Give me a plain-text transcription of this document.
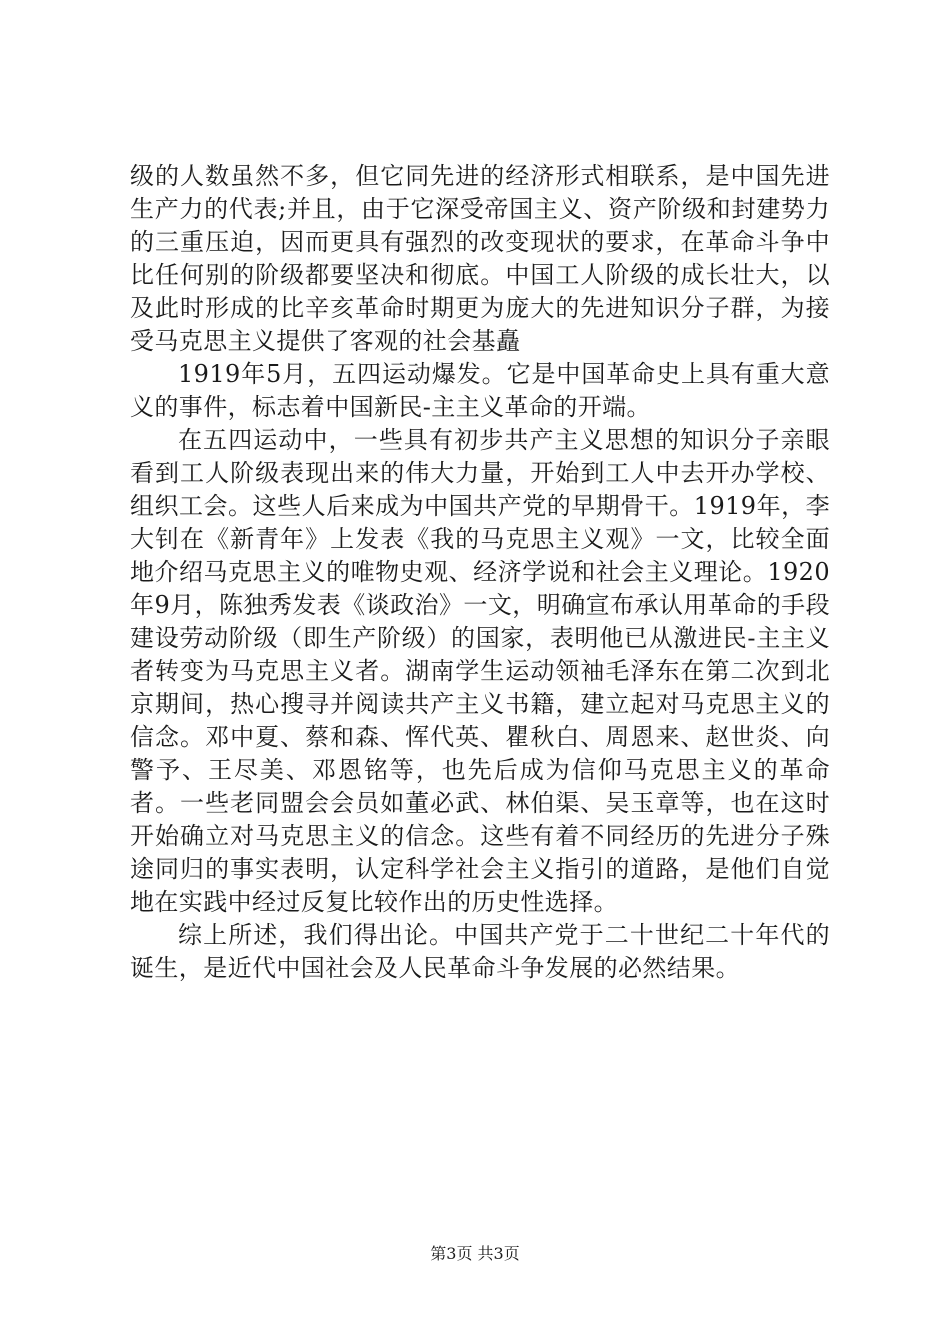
级的人数虽然不多，但它同先进的经济形式相联系，是中国先进生产力的代表;并且，由于它深受帝国主义、资产阶级和封建势力的三重压迫，因而更具有强烈的改变现状的要求，在革命斗争中比任何别的阶级都要坚决和彻底。中国工人阶级的成长壮大，以及此时形成的比辛亥革命时期更为庞大的先进知识分子群，为接受马克思主义提供了客观的社会基矗

1919年5月，五四运动爆发。它是中国革命史上具有重大意义的事件，标志着中国新民-主主义革命的开端。

在五四运动中，一些具有初步共产主义思想的知识分子亲眼看到工人阶级表现出来的伟大力量，开始到工人中去开办学校、组织工会。这些人后来成为中国共产党的早期骨干。1919年，李大钊在《新青年》上发表《我的马克思主义观》一文，比较全面地介绍马克思主义的唯物史观、经济学说和社会主义理论。1920年9月，陈独秀发表《谈政治》一文，明确宣布承认用革命的手段建设劳动阶级（即生产阶级）的国家，表明他已从激进民-主主义者转变为马克思主义者。湖南学生运动领袖毛泽东在第二次到北京期间，热心搜寻并阅读共产主义书籍，建立起对马克思主义的信念。邓中夏、蔡和森、恽代英、瞿秋白、周恩来、赵世炎、向警予、王尽美、邓恩铭等，也先后成为信仰马克思主义的革命者。一些老同盟会会员如董必武、林伯渠、吴玉章等，也在这时开始确立对马克思主义的信念。这些有着不同经历的先进分子殊途同归的事实表明，认定科学社会主义指引的道路，是他们自觉地在实践中经过反复比较作出的历史性选择。

综上所述，我们得出论。中国共产党于二十世纪二十年代的诞生，是近代中国社会及人民革命斗争发展的必然结果。

第3页 共3页
